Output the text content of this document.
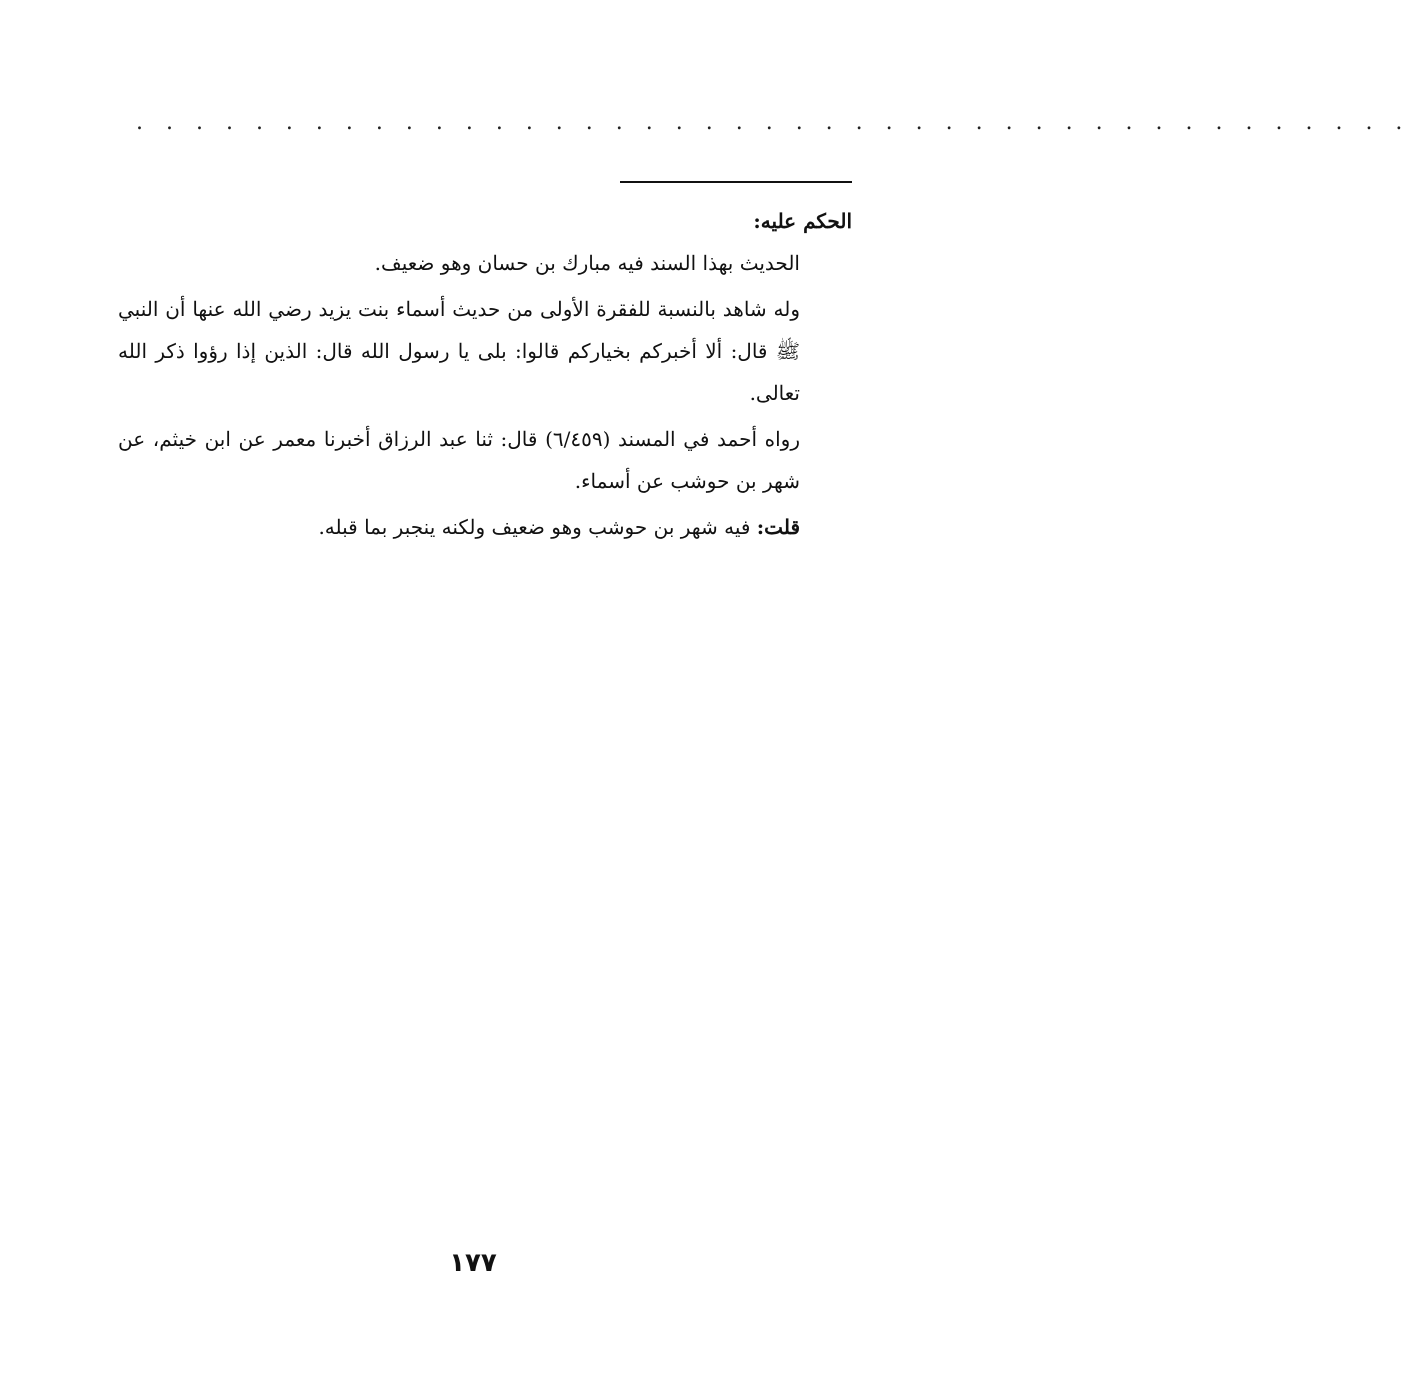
. . . . . . . . . . . . . . . . . . . . . . . . . . . . . . . . . . . . . . . . . . .

الحكم عليه:

الحديث بهذا السند فيه مبارك بن حسان وهو ضعيف.

وله شاهد بالنسبة للفقرة الأولى من حديث أسماء بنت يزيد رضي الله عنها أن النبي ﷺ قال: ألا أخبركم بخياركم قالوا: بلى يا رسول الله قال: الذين إذا رؤوا ذكر الله تعالى.

رواه أحمد في المسند (٦/٤٥٩) قال: ثنا عبد الرزاق أخبرنا معمر عن ابن خيثم، عن شهر بن حوشب عن أسماء.

قلت: فيه شهر بن حوشب وهو ضعيف ولكنه ينجبر بما قبله.

١٧٧
